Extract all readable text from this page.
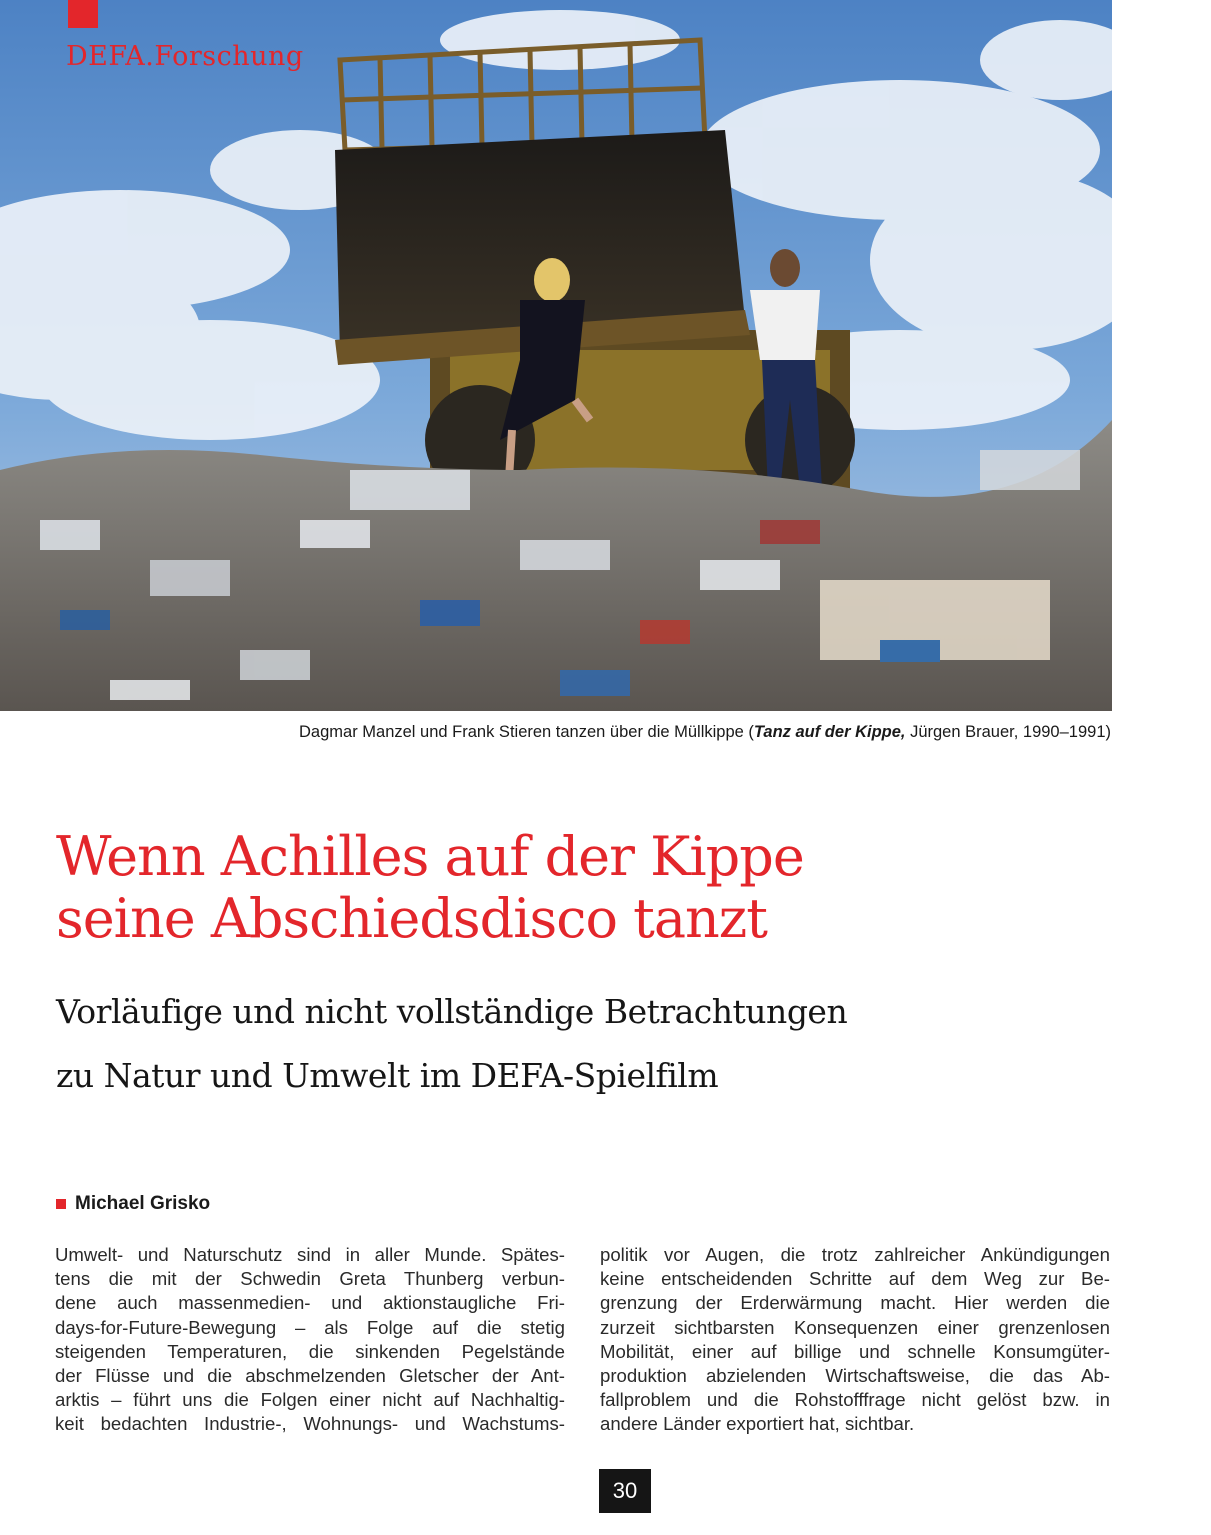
DEFA.Forschung
Dagmar Manzel und Frank Stieren tanzen über die Müllkippe (Tanz auf der Kippe, Jürgen Brauer, 1990–1991)
Wenn Achilles auf der Kippe
seine Abschiedsdisco tanzt
Vorläufige und nicht vollständige Betrachtungen
zu Natur und Umwelt im DEFA-Spielfilm
Michael Grisko

Umwelt- und Naturschutz sind in aller Munde. Spätes-
tens die mit der Schwedin Greta Thunberg verbun-
dene auch massenmedien- und aktionstaugliche Fri-
days-for-Future-Bewegung – als Folge auf die stetig
steigenden Temperaturen, die sinkenden Pegelstände
der Flüsse und die abschmelzenden Gletscher der Ant-
arktis – führt uns die Folgen einer nicht auf Nachhaltig-
keit bedachten Industrie-, Wohnungs- und Wachstums-

politik vor Augen, die trotz zahlreicher Ankündigungen
keine entscheidenden Schritte auf dem Weg zur Be-
grenzung der Erderwärmung macht. Hier werden die
zurzeit sichtbarsten Konsequenzen einer grenzenlosen
Mobilität, einer auf billige und schnelle Konsumgüter-
produktion abzielenden Wirtschaftsweise, die das Ab-
fallproblem und die Rohstofffrage nicht gelöst bzw. in
andere Länder exportiert hat, sichtbar.

30
